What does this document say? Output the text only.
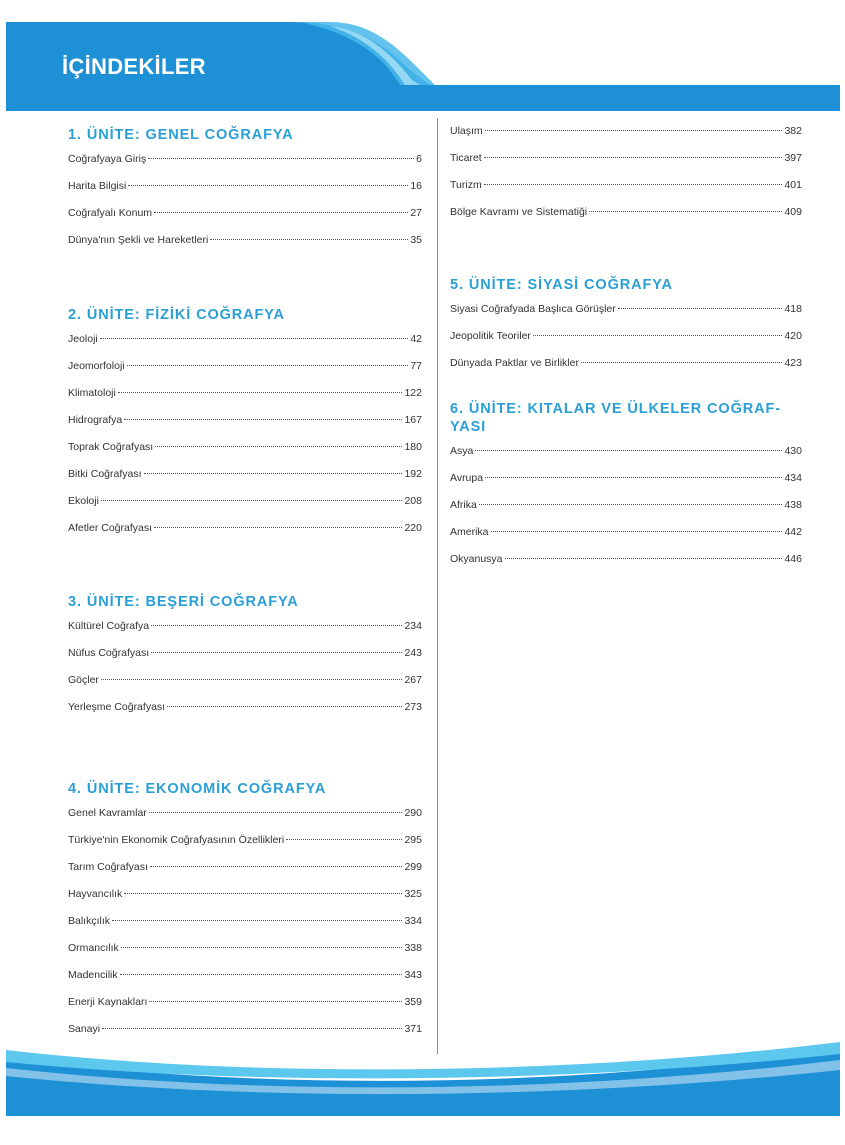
İÇİNDEKİLER
1. ÜNİTE: GENEL COĞRAFYA
Coğrafyaya Giriş	6
Harita Bilgisi	16
Coğrafyalı Konum	27
Dünya'nın Şekli ve Hareketleri	35
2. ÜNİTE: FİZİKİ COĞRAFYA
Jeoloji	42
Jeomorfoloji	77
Klimatoloji	122
Hidrografya	167
Toprak Coğrafyası	180
Bitki Coğrafyası	192
Ekoloji	208
Afetler Coğrafyası	220
3. ÜNİTE: BEŞERİ COĞRAFYA
Kültürel Coğrafya	234
Nüfus Coğrafyası	243
Göçler	267
Yerleşme Coğrafyası	273
4. ÜNİTE: EKONOMİK COĞRAFYA
Genel Kavramlar	290
Türkiye'nin Ekonomik Coğrafyasının Özellikleri	295
Tarım Coğrafyası	299
Hayvancılık	325
Balıkçılık	334
Ormancılık	338
Madencilik	343
Enerji Kaynakları	359
Sanayi	371
Ulaşım	382
Ticaret	397
Turizm	401
Bölge Kavramı ve Sistematiği	409
5. ÜNİTE: SİYASİ COĞRAFYA
Siyasi Coğrafyada Başlıca Görüşler	418
Jeopolitik Teoriler	420
Dünyada Paktlar ve Birlikler	423
6. ÜNİTE: KITALAR VE ÜLKELER COĞRAF-YASI
Asya	430
Avrupa	434
Afrika	438
Amerika	442
Okyanusya	446
